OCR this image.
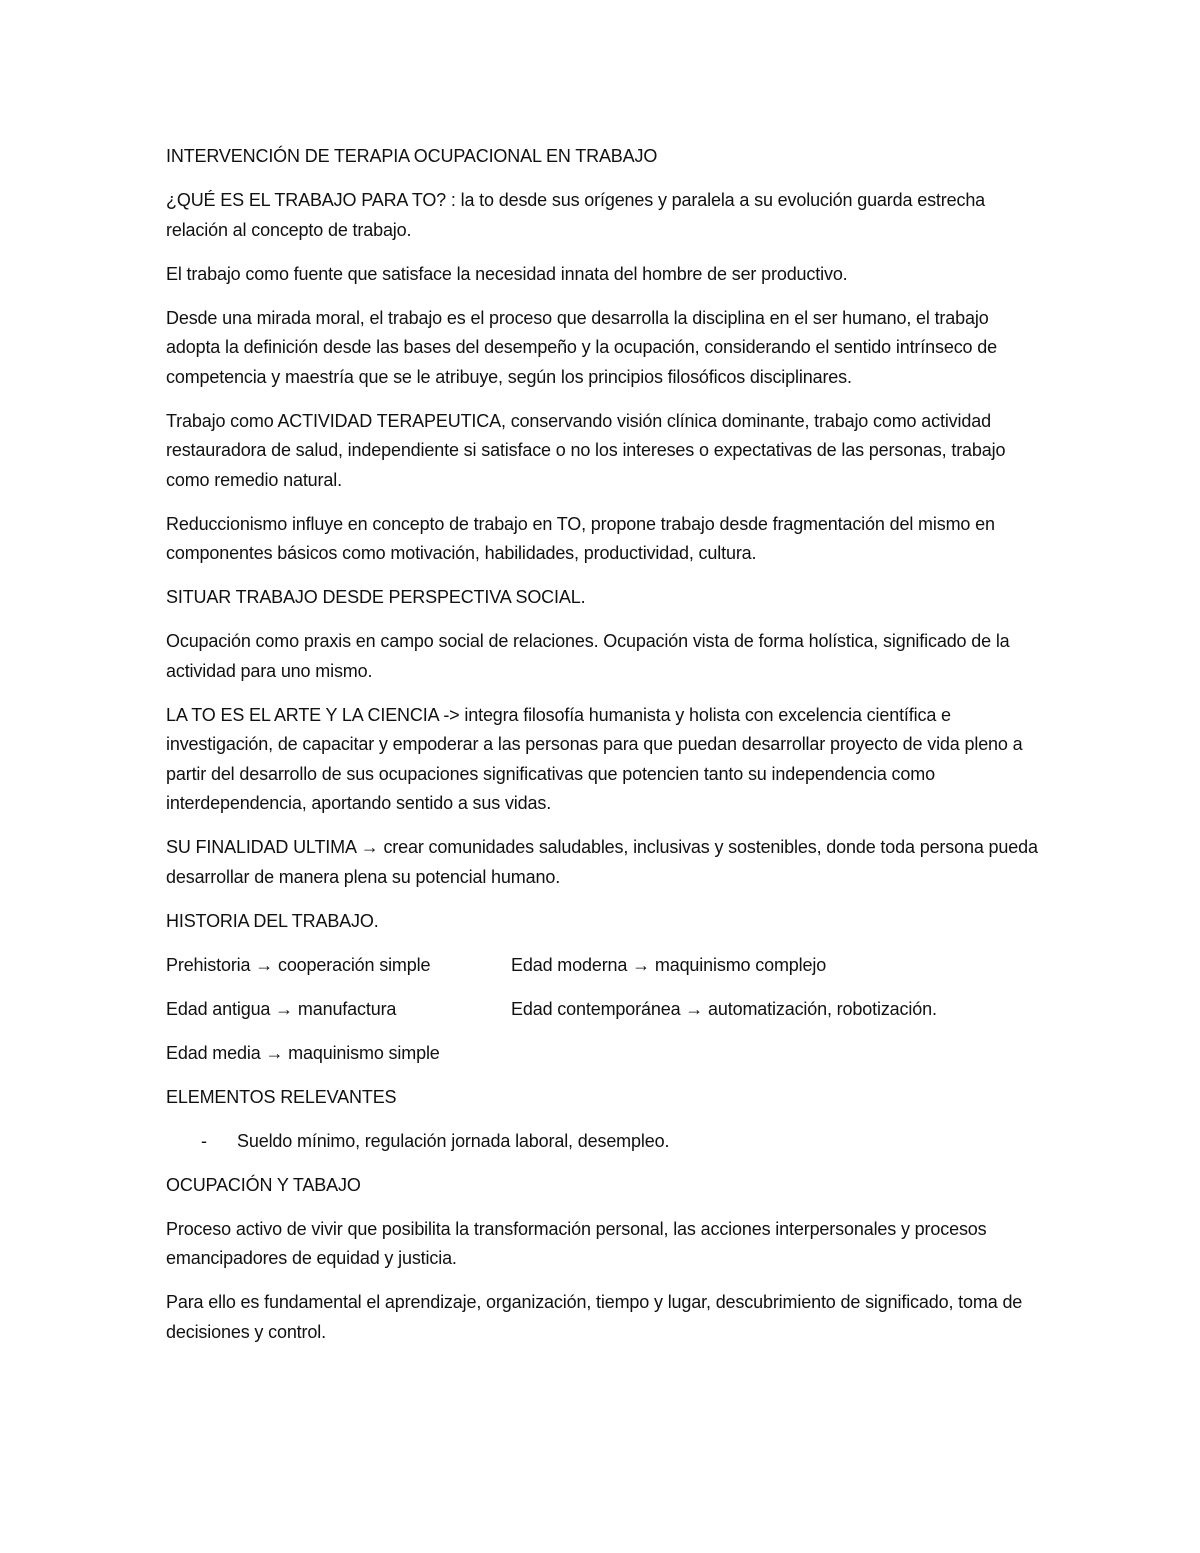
INTERVENCIÓN DE TERAPIA OCUPACIONAL EN TRABAJO

¿QUÉ ES EL TRABAJO PARA TO? : la to desde sus orígenes y paralela a su evolución guarda estrecha relación al concepto de trabajo.

El trabajo como fuente que satisface la necesidad innata del hombre de ser productivo.

Desde una mirada moral, el trabajo es el proceso que desarrolla la disciplina en el ser humano, el trabajo adopta la definición desde las bases del desempeño y la ocupación, considerando el sentido intrínseco de competencia y maestría que se le atribuye, según los principios filosóficos disciplinares.

Trabajo como ACTIVIDAD TERAPEUTICA, conservando visión clínica dominante, trabajo como actividad restauradora de salud, independiente si satisface o no los intereses o expectativas de las personas, trabajo como remedio natural.

Reduccionismo influye en concepto de trabajo en TO, propone trabajo desde fragmentación del mismo en componentes básicos como motivación, habilidades, productividad, cultura.

SITUAR TRABAJO DESDE PERSPECTIVA SOCIAL.

Ocupación como praxis en campo social de relaciones. Ocupación vista de forma holística, significado de la actividad para uno mismo.

LA TO ES EL ARTE Y LA CIENCIA -> integra filosofía humanista y holista con excelencia científica e investigación, de capacitar y empoderar a las personas para que puedan desarrollar proyecto de vida pleno a partir del desarrollo de sus ocupaciones significativas que potencien tanto su independencia como interdependencia, aportando sentido a sus vidas.

SU FINALIDAD ULTIMA → crear comunidades saludables, inclusivas y sostenibles, donde toda persona pueda desarrollar de manera plena su potencial humano.

HISTORIA DEL TRABAJO.

Prehistoria → cooperación simple	Edad moderna → maquinismo complejo
Edad antigua → manufactura	Edad contemporánea → automatización, robotización.
Edad media → maquinismo simple

ELEMENTOS RELEVANTES

-	Sueldo mínimo, regulación jornada laboral, desempleo.

OCUPACIÓN Y TABAJO

Proceso activo de vivir que posibilita la transformación personal, las acciones interpersonales y procesos emancipadores de equidad y justicia.

Para ello es fundamental el aprendizaje, organización, tiempo y lugar, descubrimiento de significado, toma de decisiones y control.
